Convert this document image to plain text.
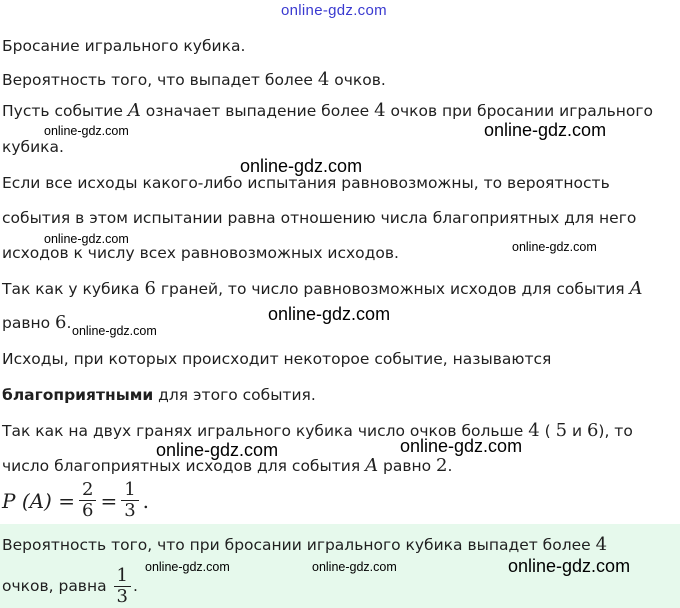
online-gdz.com

Бросание игрального кубика.

Вероятность того, что выпадет более 4 очков.

Пусть событие A означает выпадение более 4 очков при бросании игрального

кубика.

Если все исходы какого-либо испытания равновозможны, то вероятность

события в этом испытании равна отношению числа благоприятных для него

исходов к числу всех равновозможных исходов.

Так как у кубика 6 граней, то число равновозможных исходов для события A

равно 6.

Исходы, при которых происходит некоторое событие, называются

благоприятными для этого события.

Так как на двух гранях игрального кубика число очков больше 4 ( 5 и 6), то

число благоприятных исходов для события A равно 2.

P $(A) = \frac{2}{6} = \frac{1}{3}$ .

Вероятность того, что при бросании игрального кубика выпадет более 4

очков, равна $\frac{1}{3}$ .

online-gdz.com	online-gdz.com
online-gdz.com
online-gdz.com
online-gdz.com
online-gdz.com
online-gdz.com
online-gdz.com	online-gdz.com
online-gdz.com	online-gdz.com	online-gdz.com
